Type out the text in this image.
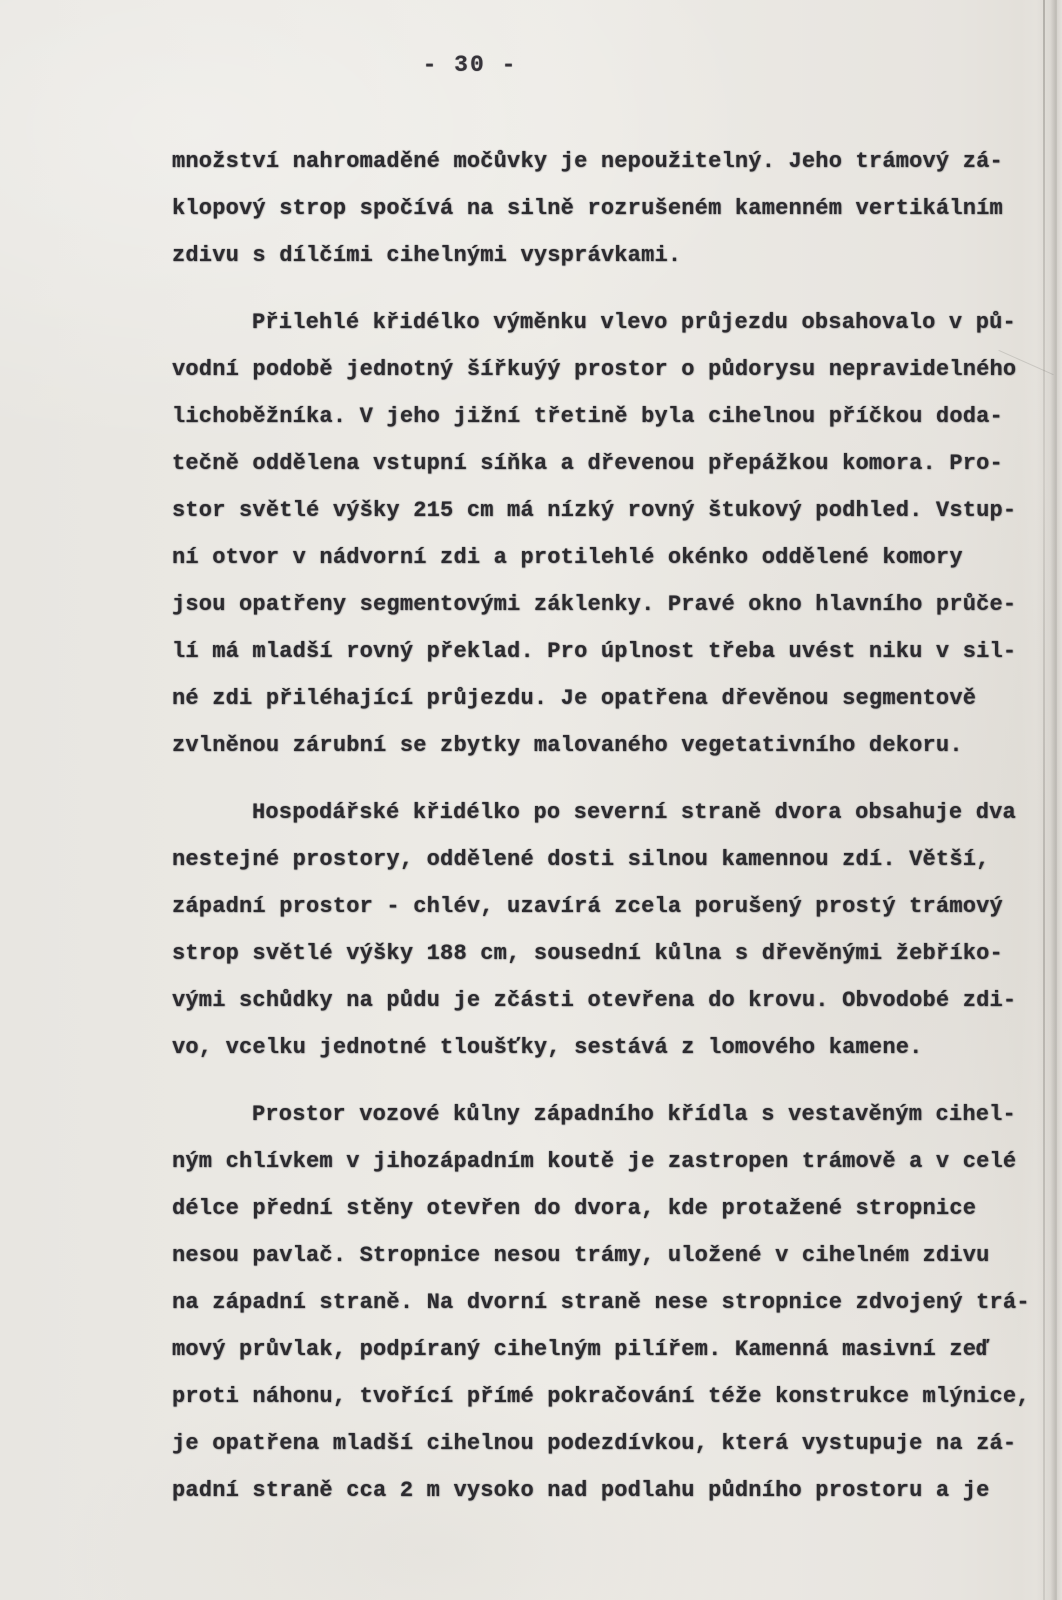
- 30 -
množství nahromaděné močůvky je nepoužitelný. Jeho trámový zá-
klopový strop spočívá na silně rozrušeném kamenném vertikálním
zdivu s dílčími cihelnými vysprávkami.
Přilehlé křidélko výměnku vlevo průjezdu obsahovalo v pů-
vodní podobě jednotný šířkuýý prostor o půdorysu nepravidelného
lichoběžníka. V jeho jižní třetině byla cihelnou příčkou doda-
tečně oddělena vstupní síňka a dřevenou přepážkou komora. Pro-
stor světlé výšky 215 cm má nízký rovný štukový podhled. Vstup-
ní otvor v nádvorní zdi a protilehlé okénko oddělené komory
jsou opatřeny segmentovými záklenky. Pravé okno hlavního průče-
lí má mladší rovný překlad. Pro úplnost třeba uvést niku v sil-
né zdi přiléhající průjezdu. Je opatřena dřevěnou segmentově
zvlněnou zárubní se zbytky malovaného vegetativního dekoru.
Hospodářské křidélko po severní straně dvora obsahuje dva
nestejné prostory, oddělené dosti silnou kamennou zdí. Větší,
západní prostor - chlév, uzavírá zcela porušený prostý trámový
strop světlé výšky 188 cm, sousední kůlna s dřevěnými žebříko-
vými schůdky na půdu je zčásti otevřena do krovu. Obvodobé zdi-
vo, vcelku jednotné tloušťky, sestává z lomového kamene.
Prostor vozové kůlny západního křídla s vestavěným cihel-
ným chlívkem v jihozápadním koutě je zastropen trámově a v celé
délce přední stěny otevřen do dvora, kde protažené stropnice
nesou pavlač. Stropnice nesou trámy, uložené v cihelném zdivu
na západní straně. Na dvorní straně nese stropnice zdvojený trá-
mový průvlak, podpíraný cihelným pilířem. Kamenná masivní zeď
proti náhonu, tvořící přímé pokračování téže konstrukce mlýnice,
je opatřena mladší cihelnou podezdívkou, která vystupuje na zá-
padní straně cca 2 m vysoko nad podlahu půdního prostoru a je
